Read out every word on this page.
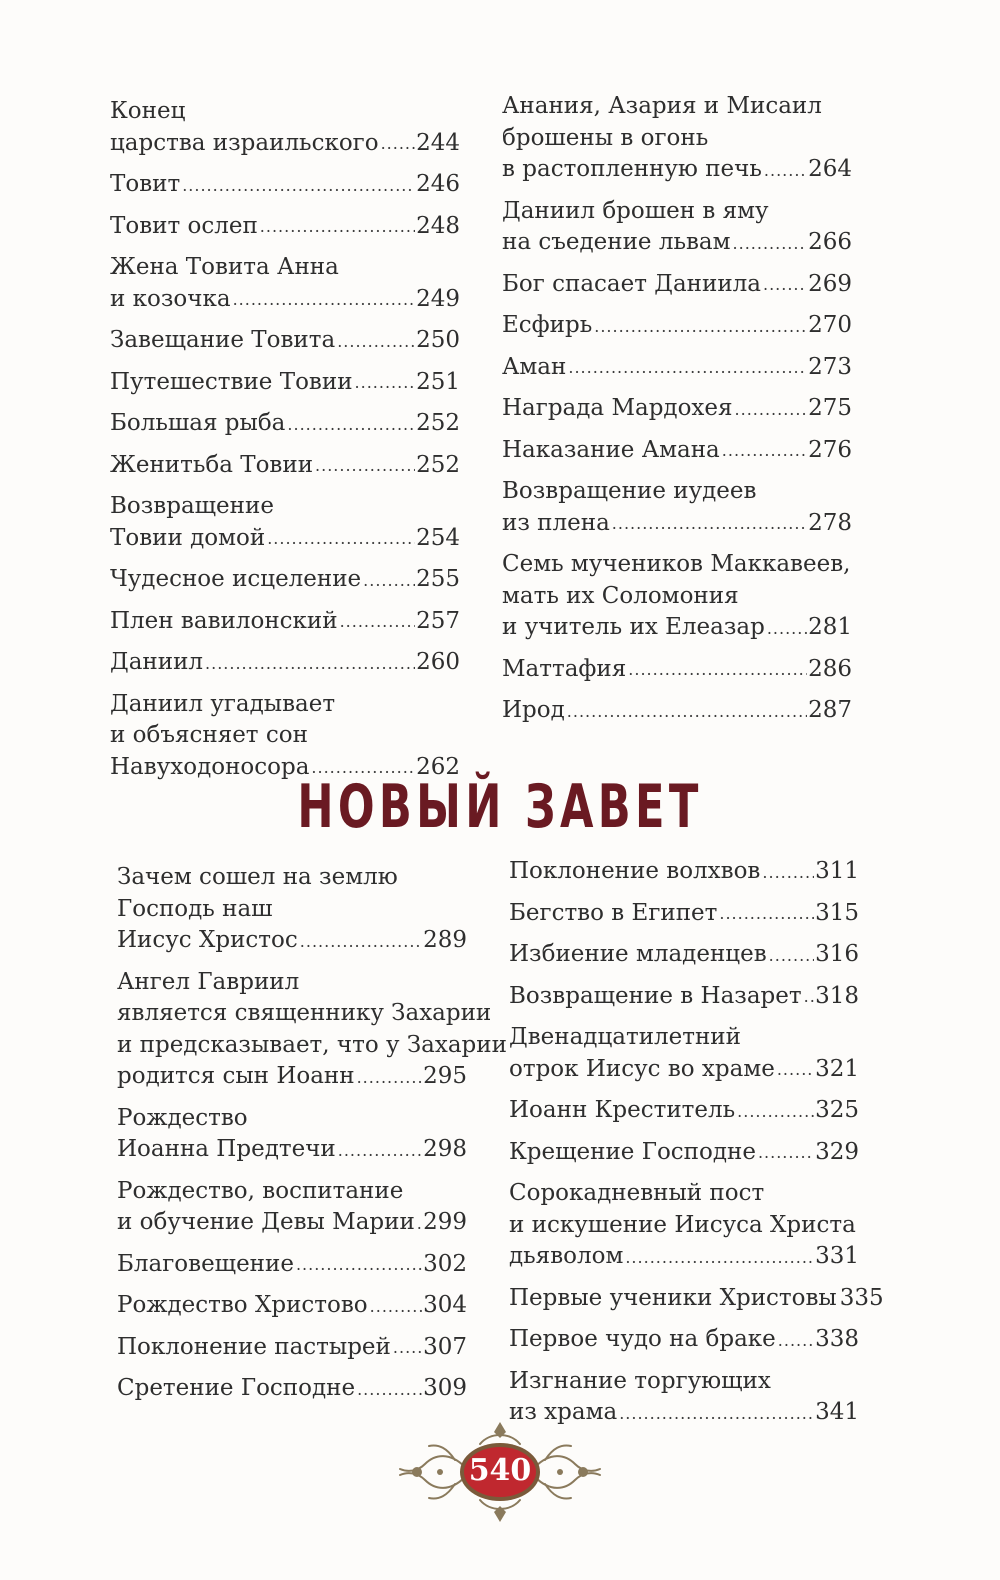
Конец
царства израильского ..... 244
Товит .....	246
Товит ослеп .....	248
Жена Товита Анна
и козочка .....	249
Завещание Товита .....	250
Путешествие Товии .....	251
Большая рыба .....	252
Женитьба Товии .....	252
Возвращение
Товии домой .....	254
Чудесное исцеление ..... 255
Плен вавилонский .....	257
Даниил .....	260
Даниил угадывает
и объясняет сон
Навуходоносора .....	262
Анания, Азария и Мисаил
брошены в огонь
в растопленную печь ..... 264
Даниил брошен в яму
на съедение львам .....	266
Бог спасает Даниила ..... 269
Есфирь .....	270
Аман .....	273
Награда Мардохея .....	275
Наказание Амана .....	276
Возвращение иудеев
из плена .....	278
Семь мучеников Маккавеев,
мать их Соломония
и учитель их Елеазар ..... 281
Маттафия .....	286
Ирод .....	287
НОВЫЙ ЗАВЕТ
Зачем сошел на землю
Господь наш
Иисус Христос .....	289
Ангел Гавриил
является священнику Захарии
и предсказывает, что у Захарии
родится сын Иоанн .....	295
Рождество
Иоанна Предтечи .....	298
Рождество, воспитание
и обучение Девы Марии ..... 299
Благовещение .....	302
Рождество Христово ..... 304
Поклонение пастырей ..... 307
Сретение Господне .....	309
Поклонение волхвов ..... 311
Бегство в Египет .....	315
Избиение младенцев ..... 316
Возвращение в Назарет ..... 318
Двенадцатилетний
отрок Иисус во храме ..... 321
Иоанн Креститель .....	325
Крещение Господне .....	329
Сорокадневный пост
и искушение Иисуса Христа
дьяволом .....	331
Первые ученики Христовы 335
Первое чудо на браке ..... 338
Изгнание торгующих
из храма .....	341
540
